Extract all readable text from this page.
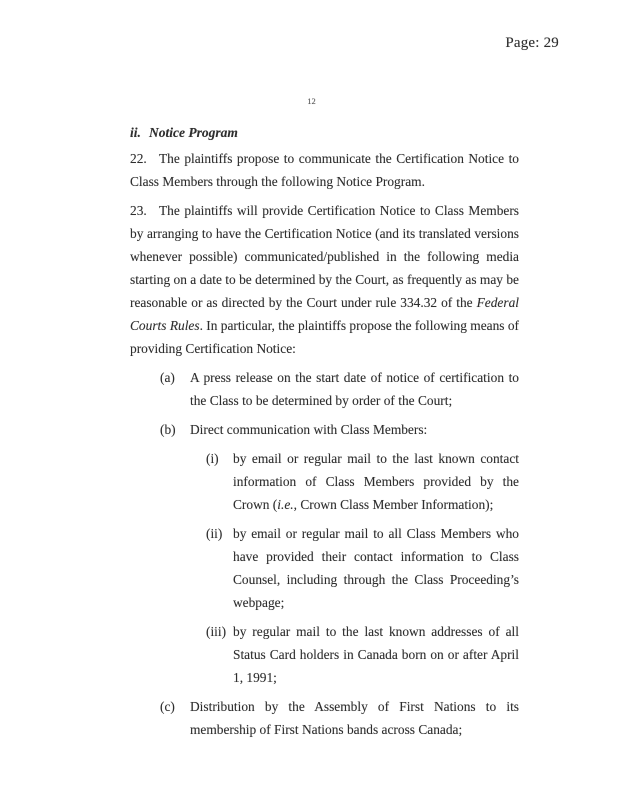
Page: 29
12
ii. Notice Program
22. The plaintiffs propose to communicate the Certification Notice to Class Members through the following Notice Program.
23. The plaintiffs will provide Certification Notice to Class Members by arranging to have the Certification Notice (and its translated versions whenever possible) communicated/published in the following media starting on a date to be determined by the Court, as frequently as may be reasonable or as directed by the Court under rule 334.32 of the Federal Courts Rules. In particular, the plaintiffs propose the following means of providing Certification Notice:
(a) A press release on the start date of notice of certification to the Class to be determined by order of the Court;
(b) Direct communication with Class Members:
(i) by email or regular mail to the last known contact information of Class Members provided by the Crown (i.e., Crown Class Member Information);
(ii) by email or regular mail to all Class Members who have provided their contact information to Class Counsel, including through the Class Proceeding’s webpage;
(iii) by regular mail to the last known addresses of all Status Card holders in Canada born on or after April 1, 1991;
(c) Distribution by the Assembly of First Nations to its membership of First Nations bands across Canada;
